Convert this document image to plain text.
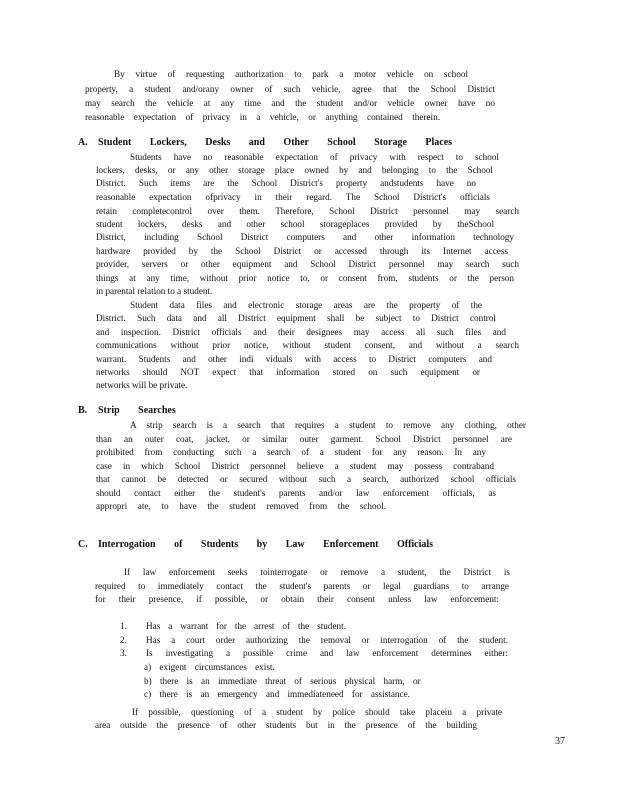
By virtue of requesting authorization to park a motor vehicle on school
property, a student and/orany owner of such vehicle, agree that the School District
may search the vehicle at any time and the student and/or vehicle owner have no
reasonable expectation of privacy in a vehicle, or anything contained therein.
A. Student Lockers, Desks and Other School Storage Places
Students have no reasonable expectation of privacy with respect to school
lockers, desks, or any other storage place owned by and belonging to the School
District. Such items are the School District's property andstudents have no
reasonable expectation ofprivacy in their regard. The School District's officials
retain completecontrol over them. Therefore, School District personnel may search
student lockers, desks and other school storageplaces provided by theSchool
District, including School District computers and other information technology
hardware provided by the School District or accessed through its Internet access
provider, servers or other equipment and School District personnel may search such
things at any time, without prior notice to, or consent from, students or the person
in parental relation to a student.
Student data files and electronic storage areas are the property of the
District. Such data and all District equipment shall be subject to District control
and inspection. District officials and their designees may access all such files and
communications without prior notice, without student consent, and without a search
warrant. Students and other indi viduals with access to District computers and
networks should NOT expect that information stored on such equipment or
networks will be private.
B. Strip Searches
A strip search is a search that requires a student to remove any clothing, other
than an outer coat, jacket, or similar outer garment. School District personnel are
prohibited from conducting such a search of a student for any reason. In any
case in which School District personnel believe a student may possess contraband
that cannot be detected or secured without such a search, authorized school officials
should contact either the student's parents and/or law enforcement officials, as
appropri ate, to have the student removed from the school.
C. Interrogation of Students by Law Enforcement Officials
If law enforcement seeks tointerrogate or remove a student, the District is
required to immediately contact the student's parents or legal guardians to arrange
for their presence, if possible, or obtain their consent unless law enforcement:
1. Has a warrant for the arrest of the student.
2. Has a court order authorizing the removal or interrogation of the student.
3. Is investigating a possible crime and law enforcement determines either:
a) exigent circumstances exist.
b) there is an immediate threat of serious physical harm, or
c) there is an emergency and immediateneed for assistance.
If possible, questioning of a student by police should take placein a private
area outside the presence of other students but in the presence of the building
37
